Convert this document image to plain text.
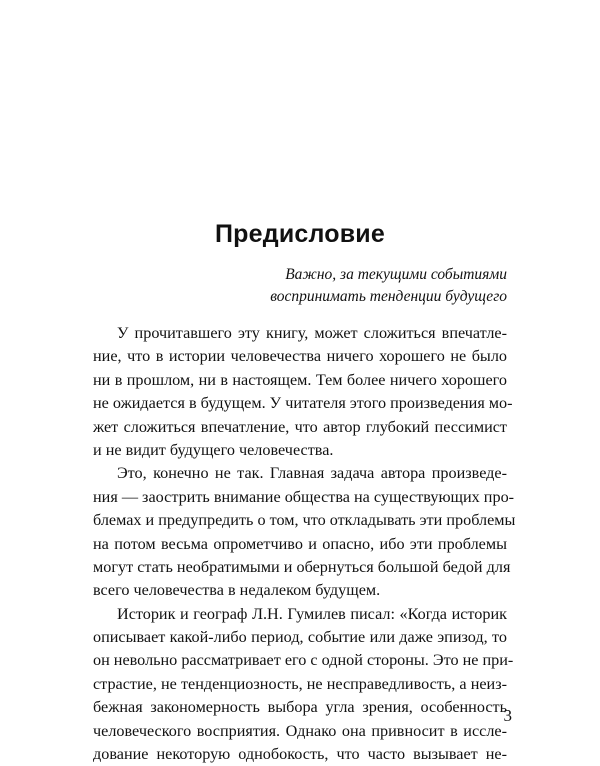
Предисловие
Важно, за текущими событиями
воспринимать тенденции будущего
У прочитавшего эту книгу, может сложиться впечатле-
ние, что в истории человечества ничего хорошего не было
ни в прошлом, ни в настоящем. Тем более ничего хорошего
не ожидается в будущем. У читателя этого произведения мо-
жет сложиться впечатление, что автор глубокий пессимист
и не видит будущего человечества.
Это, конечно не так. Главная задача автора произведе-
ния — заострить внимание общества на существующих про-
блемах и предупредить о том, что откладывать эти проблемы
на потом весьма опрометчиво и опасно, ибо эти проблемы
могут стать необратимыми и обернуться большой бедой для
всего человечества в недалеком будущем.
Историк и географ Л.Н. Гумилев писал: «Когда историк
описывает какой-либо период, событие или даже эпизод, то
он невольно рассматривает его с одной стороны. Это не при-
страстие, не тенденциозность, не несправедливость, а неиз-
бежная закономерность выбора угла зрения, особенность
человеческого восприятия. Однако она привносит в иссле-
дование некоторую однобокость, что часто вызывает не-
3
